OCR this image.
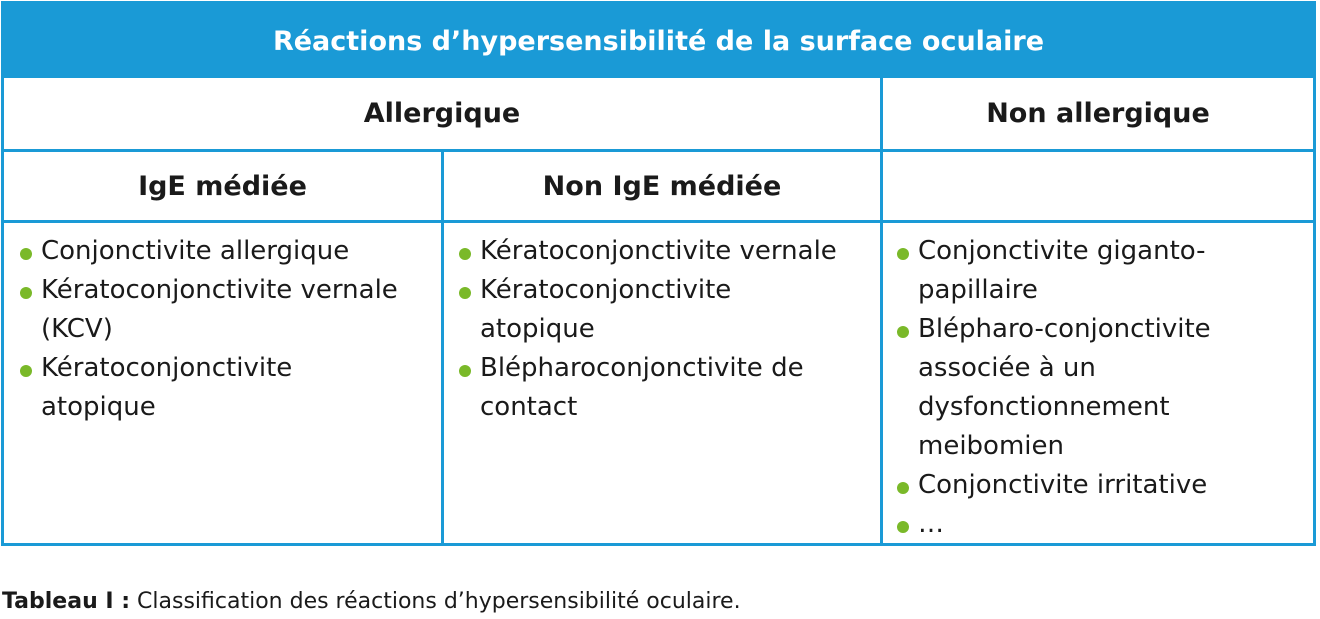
Réactions d’hypersensibilité de la surface oculaire
Allergique	Non allergique
IgE médiée	Non IgE médiée
Conjonctivite allergique
Kératoconjonctivite vernale (KCV)
Kératoconjonctivite atopique
Kératoconjonctivite vernale
Kératoconjonctivite atopique
Blépharoconjonctivite de contact
Conjonctivite giganto-papillaire
Blépharo-conjonctivite associée à un dysfonctionnement meibomien
Conjonctivite irritative
…
Tableau I : Classification des réactions d’hypersensibilité oculaire.
